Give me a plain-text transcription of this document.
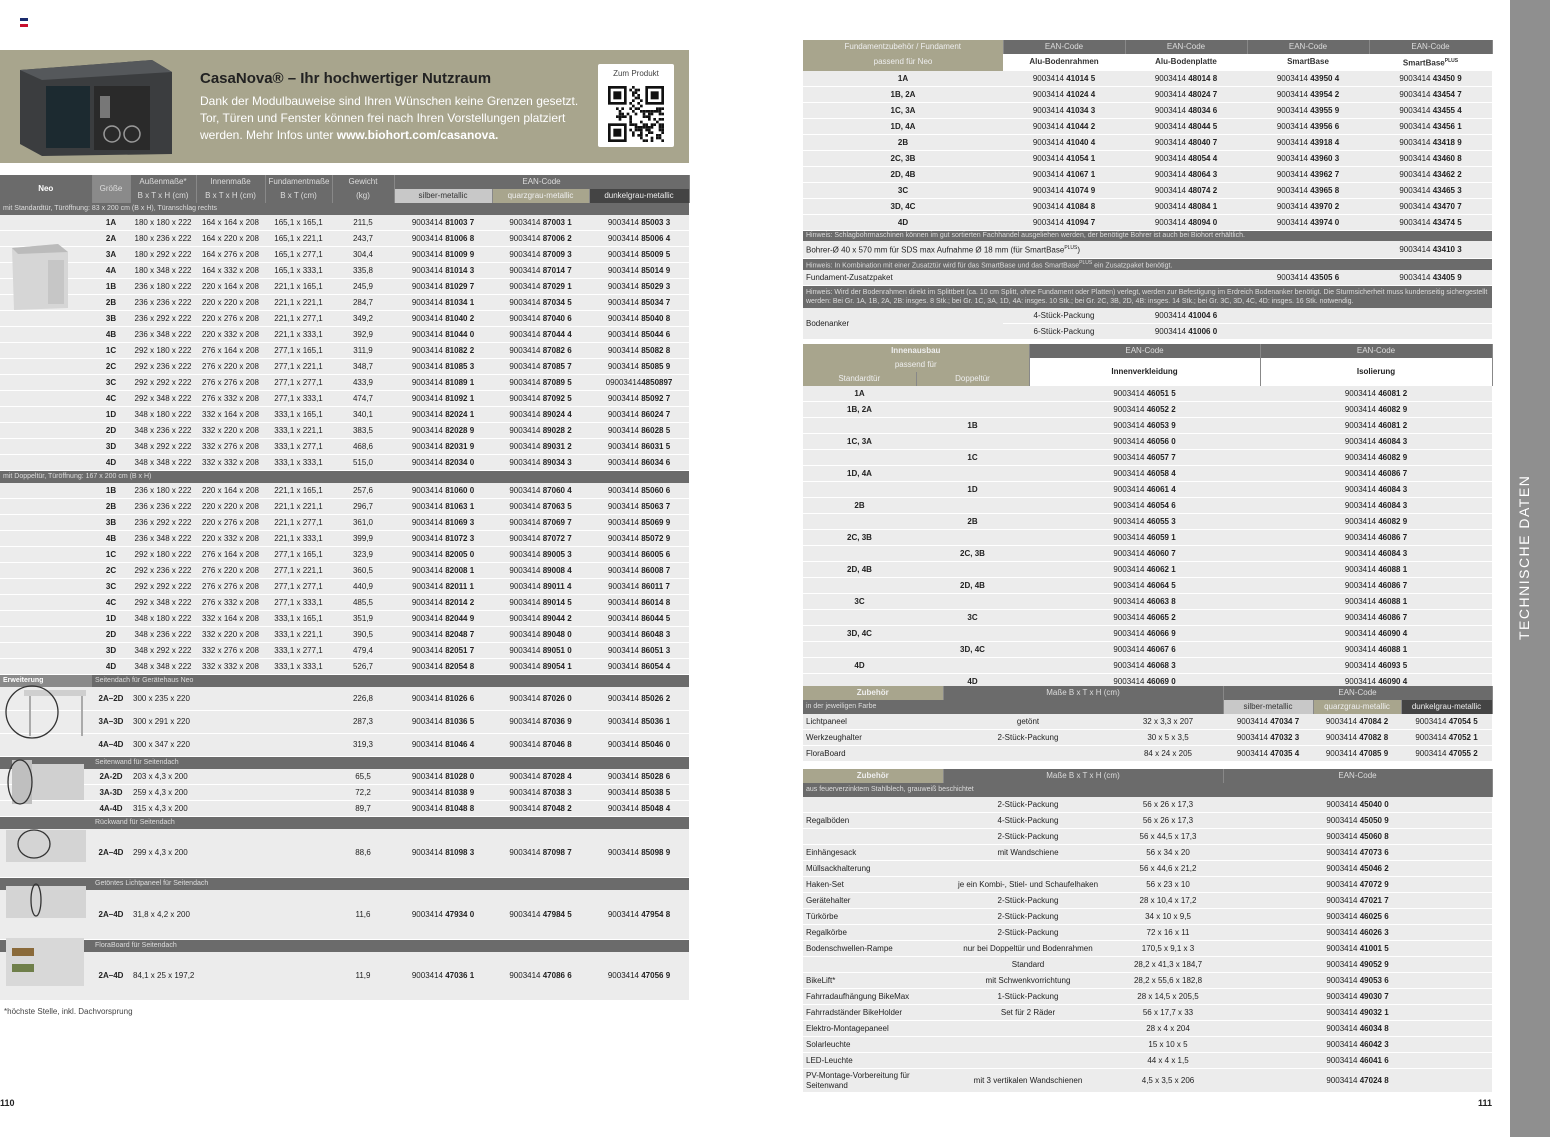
CasaNova® – Ihr hochwertiger Nutzraum
Dank der Modulbauweise sind Ihren Wünschen keine Grenzen gesetzt.
Tor, Türen und Fenster können frei nach Ihren Vorstellungen platziert
werden. Mehr Infos unter www.biohort.com/casanova.
Zum Produkt
Neo	Größe	Außenmaße*	Innenmaße	Fundamentmaße	Gewicht	EAN-Code		
		B x T x H (cm)	B x T x H (cm)	B x T (cm)	(kg)	silber-metallic	quarzgrau-metallic	dunkelgrau-metallic
mit Standardtür, Türöffnung: 83 x 200 cm (B x H), Türanschlag rechts								
	1A	180 x 180 x 222	164 x 164 x 208	165,1 x 165,1	211,5	9003414 81003 7	9003414 87003 1	9003414 85003 3
	2A	180 x 236 x 222	164 x 220 x 208	165,1 x 221,1	243,7	9003414 81006 8	9003414 87006 2	9003414 85006 4
	3A	180 x 292 x 222	164 x 276 x 208	165,1 x 277,1	304,4	9003414 81009 9	9003414 87009 3	9003414 85009 5
	4A	180 x 348 x 222	164 x 332 x 208	165,1 x 333,1	335,8	9003414 81014 3	9003414 87014 7	9003414 85014 9
	1B	236 x 180 x 222	220 x 164 x 208	221,1 x 165,1	245,9	9003414 81029 7	9003414 87029 1	9003414 85029 3
	2B	236 x 236 x 222	220 x 220 x 208	221,1 x 221,1	284,7	9003414 81034 1	9003414 87034 5	9003414 85034 7
	3B	236 x 292 x 222	220 x 276 x 208	221,1 x 277,1	349,2	9003414 81040 2	9003414 87040 6	9003414 85040 8
	4B	236 x 348 x 222	220 x 332 x 208	221,1 x 333,1	392,9	9003414 81044 0	9003414 87044 4	9003414 85044 6
	1C	292 x 180 x 222	276 x 164 x 208	277,1 x 165,1	311,9	9003414 81082 2	9003414 87082 6	9003414 85082 8
	2C	292 x 236 x 222	276 x 220 x 208	277,1 x 221,1	348,7	9003414 81085 3	9003414 87085 7	9003414 85085 9
	3C	292 x 292 x 222	276 x 276 x 208	277,1 x 277,1	433,9	9003414 81089 1	9003414 87089 5	090034144850897
	4C	292 x 348 x 222	276 x 332 x 208	277,1 x 333,1	474,7	9003414 81092 1	9003414 87092 5	9003414 85092 7
	1D	348 x 180 x 222	332 x 164 x 208	333,1 x 165,1	340,1	9003414 82024 1	9003414 89024 4	9003414 86024 7
	2D	348 x 236 x 222	332 x 220 x 208	333,1 x 221,1	383,5	9003414 82028 9	9003414 89028 2	9003414 86028 5
	3D	348 x 292 x 222	332 x 276 x 208	333,1 x 277,1	468,6	9003414 82031 9	9003414 89031 2	9003414 86031 5
	4D	348 x 348 x 222	332 x 332 x 208	333,1 x 333,1	515,0	9003414 82034 0	9003414 89034 3	9003414 86034 6
mit Doppeltür, Türöffnung: 167 x 200 cm (B x H)								
	1B	236 x 180 x 222	220 x 164 x 208	221,1 x 165,1	257,6	9003414 81060 0	9003414 87060 4	9003414 85060 6
	2B	236 x 236 x 222	220 x 220 x 208	221,1 x 221,1	296,7	9003414 81063 1	9003414 87063 5	9003414 85063 7
	3B	236 x 292 x 222	220 x 276 x 208	221,1 x 277,1	361,0	9003414 81069 3	9003414 87069 7	9003414 85069 9
	4B	236 x 348 x 222	220 x 332 x 208	221,1 x 333,1	399,9	9003414 81072 3	9003414 87072 7	9003414 85072 9
	1C	292 x 180 x 222	276 x 164 x 208	277,1 x 165,1	323,9	9003414 82005 0	9003414 89005 3	9003414 86005 6
	2C	292 x 236 x 222	276 x 220 x 208	277,1 x 221,1	360,5	9003414 82008 1	9003414 89008 4	9003414 86008 7
	3C	292 x 292 x 222	276 x 276 x 208	277,1 x 277,1	440,9	9003414 82011 1	9003414 89011 4	9003414 86011 7
	4C	292 x 348 x 222	276 x 332 x 208	277,1 x 333,1	485,5	9003414 82014 2	9003414 89014 5	9003414 86014 8
	1D	348 x 180 x 222	332 x 164 x 208	333,1 x 165,1	351,9	9003414 82044 9	9003414 89044 2	9003414 86044 5
	2D	348 x 236 x 222	332 x 220 x 208	333,1 x 221,1	390,5	9003414 82048 7	9003414 89048 0	9003414 86048 3
	3D	348 x 292 x 222	332 x 276 x 208	333,1 x 277,1	479,4	9003414 82051 7	9003414 89051 0	9003414 86051 3
	4D	348 x 348 x 222	332 x 332 x 208	333,1 x 333,1	526,7	9003414 82054 8	9003414 89054 1	9003414 86054 4
Erweiterung	Seitendach für Gerätehaus Neo							
	2A–2D	300 x 235 x 220			226,8	9003414 81026 6	9003414 87026 0	9003414 85026 2
	3A–3D	300 x 291 x 220			287,3	9003414 81036 5	9003414 87036 9	9003414 85036 1
	4A–4D	300 x 347 x 220			319,3	9003414 81046 4	9003414 87046 8	9003414 85046 0
	Seitenwand für Seitendach							
	2A-2D	203 x 4,3 x 200			65,5	9003414 81028 0	9003414 87028 4	9003414 85028 6
	3A-3D	259 x 4,3 x 200			72,2	9003414 81038 9	9003414 87038 3	9003414 85038 5
	4A-4D	315 x 4,3 x 200			89,7	9003414 81048 8	9003414 87048 2	9003414 85048 4
	Rückwand für Seitendach							
	2A–4D	299 x 4,3 x 200			88,6	9003414 81098 3	9003414 87098 7	9003414 85098 9
	Getöntes Lichtpaneel für Seitendach							
	2A–4D	31,8 x 4,2 x 200			11,6	9003414 47934 0	9003414 47984 5	9003414 47954 8
	FloraBoard für Seitendach							
	2A–4D	84,1 x 25 x 197,2			11,9	9003414 47036 1	9003414 47086 6	9003414 47056 9
*höchste Stelle, inkl. Dachvorsprung
110
Fundamentzubehör / Fundament	EAN-Code	EAN-Code	EAN-Code	EAN-Code
passend für Neo	Alu-Bodenrahmen	Alu-Bodenplatte	SmartBase	SmartBase$^{PLUS}$
1A	9003414 41014 5	9003414 48014 8	9003414 43950 4	9003414 43450 9
1B, 2A	9003414 41024 4	9003414 48024 7	9003414 43954 2	9003414 43454 7
1C, 3A	9003414 41034 3	9003414 48034 6	9003414 43955 9	9003414 43455 4
1D, 4A	9003414 41044 2	9003414 48044 5	9003414 43956 6	9003414 43456 1
2B	9003414 41040 4	9003414 48040 7	9003414 43918 4	9003414 43418 9
2C, 3B	9003414 41054 1	9003414 48054 4	9003414 43960 3	9003414 43460 8
2D, 4B	9003414 41067 1	9003414 48064 3	9003414 43962 7	9003414 43462 2
3C	9003414 41074 9	9003414 48074 2	9003414 43965 8	9003414 43465 3
3D, 4C	9003414 41084 8	9003414 48084 1	9003414 43970 2	9003414 43470 7
4D	9003414 41094 7	9003414 48094 0	9003414 43974 0	9003414 43474 5
Hinweis: Schlagbohrmaschinen können im gut sortierten Fachhandel ausgeliehen werden, der benötigte Bohrer ist auch bei Biohort erhältlich.				
Bohrer-Ø 40 x 570 mm für SDS max Aufnahme Ø 18 mm (für SmartBase$^{PLUS}$)				9003414 43410 3
Hinweis: In Kombination mit einer Zusatztür wird für das SmartBase und das SmartBase$^{PLUS}$ ein Zusatzpaket benötigt.				
Fundament-Zusatzpaket			9003414 43505 6	9003414 43405 9
Hinweis: Wird der Bodenrahmen direkt im Splittbett (ca. 10 cm Splitt, ohne Fundament oder Platten) verlegt, werden zur Befestigung im Erdreich Bodenanker benötigt. Die Sturmsicherheit muss kundenseitig sichergestellt werden: Bei Gr. 1A, 1B, 2A, 2B: insges. 8 Stk.; bei Gr. 1C, 3A, 1D, 4A: insges. 10 Stk.; bei Gr. 2C, 3B, 2D, 4B: insges. 14 Stk.; bei Gr. 3C, 3D, 4C, 4D: insges. 16 Stk. notwendig.				
Bodenanker	4-Stück-Packung	9003414 41004 6		
	6-Stück-Packung	9003414 41006 0		
Innenausbau		EAN-Code	EAN-Code
passend für		Innenverkleidung	Isolierung
Standardtür	Doppeltür		
1A		9003414 46051 5	9003414 46081 2
1B, 2A		9003414 46052 2	9003414 46082 9
	1B	9003414 46053 9	9003414 46081 2
1C, 3A		9003414 46056 0	9003414 46084 3
	1C	9003414 46057 7	9003414 46082 9
1D, 4A		9003414 46058 4	9003414 46086 7
	1D	9003414 46061 4	9003414 46084 3
2B		9003414 46054 6	9003414 46084 3
	2B	9003414 46055 3	9003414 46082 9
2C, 3B		9003414 46059 1	9003414 46086 7
	2C, 3B	9003414 46060 7	9003414 46084 3
2D, 4B		9003414 46062 1	9003414 46088 1
	2D, 4B	9003414 46064 5	9003414 46086 7
3C		9003414 46063 8	9003414 46088 1
	3C	9003414 46065 2	9003414 46086 7
3D, 4C		9003414 46066 9	9003414 46090 4
	3D, 4C	9003414 46067 6	9003414 46088 1
4D		9003414 46068 3	9003414 46093 5
	4D	9003414 46069 0	9003414 46090 4
Zubehör	Maße B x T x H (cm)		EAN-Code		
in der jeweiligen Farbe			silber-metallic	quarzgrau-metallic	dunkelgrau-metallic
Lichtpaneel	getönt	32 x 3,3 x 207	9003414 47034 7	9003414 47084 2	9003414 47054 5
Werkzeughalter	2-Stück-Packung	30 x 5 x 3,5	9003414 47032 3	9003414 47082 8	9003414 47052 1
FloraBoard		84 x 24 x 205	9003414 47035 4	9003414 47085 9	9003414 47055 2
Zubehör	Maße B x T x H (cm)		EAN-Code
aus feuerverzinktem Stahlblech, grauweiß beschichtet			
	2-Stück-Packung	56 x 26 x 17,3	9003414 45040 0
Regalböden	4-Stück-Packung	56 x 26 x 17,3	9003414 45050 9
	2-Stück-Packung	56 x 44,5 x 17,3	9003414 45060 8
Einhängesack	mit Wandschiene	56 x 34 x 20	9003414 47073 6
Müllsackhalterung		56 x 44,6 x 21,2	9003414 45046 2
Haken-Set	je ein Kombi-, Stiel- und Schaufelhaken	56 x 23 x 10	9003414 47072 9
Gerätehalter	2-Stück-Packung	28 x 10,4 x 17,2	9003414 47021 7
Türkörbe	2-Stück-Packung	34 x 10 x 9,5	9003414 46025 6
Regalkörbe	2-Stück-Packung	72 x 16 x 11	9003414 46026 3
Bodenschwellen-Rampe	nur bei Doppeltür und Bodenrahmen	170,5 x 9,1 x 3	9003414 41001 5
	Standard	28,2 x 41,3 x 184,7	9003414 49052 9
BikeLift*	mit Schwenkvorrichtung	28,2 x 55,6 x 182,8	9003414 49053 6
Fahrradaufhängung BikeMax	1-Stück-Packung	28 x 14,5 x 205,5	9003414 49030 7
Fahrradständer BikeHolder	Set für 2 Räder	56 x 17,7 x 33	9003414 49032 1
Elektro-Montagepaneel		28 x 4 x 204	9003414 46034 8
Solarleuchte		15 x 10 x 5	9003414 46042 3
LED-Leuchte		44 x 4 x 1,5	9003414 46041 6
PV-Montage-Vorbereitung für Seitenwand	mit 3 vertikalen Wandschienen	4,5 x 3,5 x 206	9003414 47024 8
111
TECHNISCHE DATEN
